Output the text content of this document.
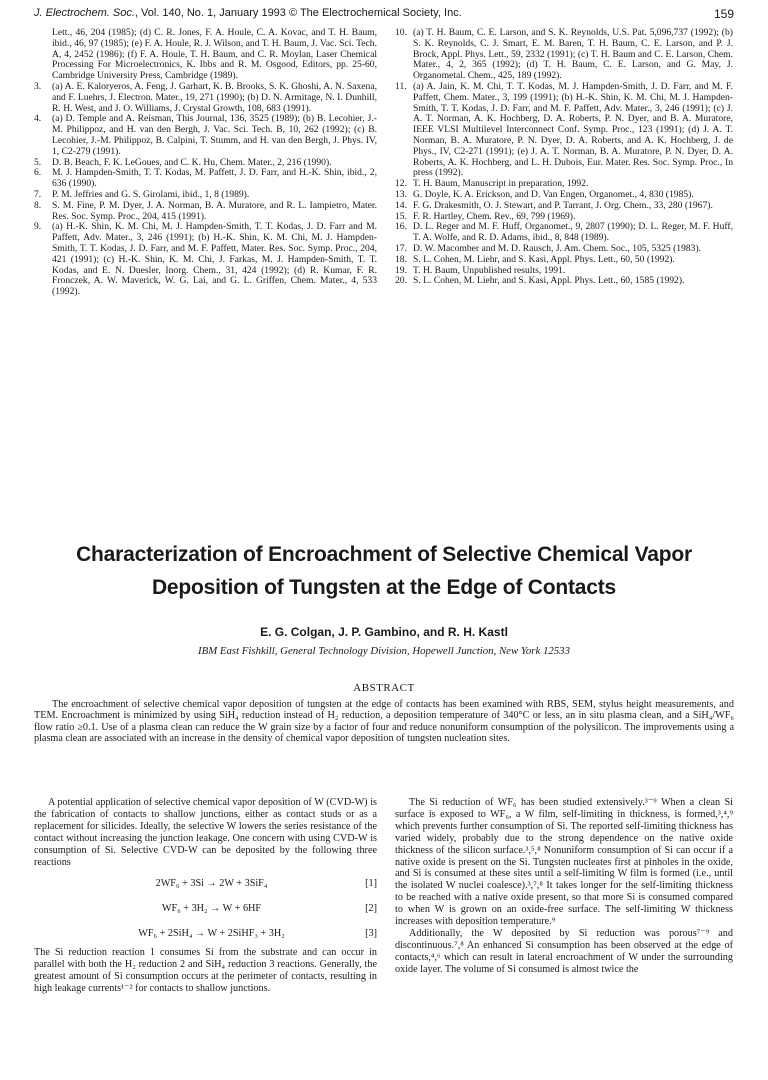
J. Electrochem. Soc., Vol. 140, No. 1, January 1993 © The Electrochemical Society, Inc.	159

Lett., 46, 204 (1985); (d) C. R. Jones, F. A. Houle, C. A. Kovac, and T. H. Baum, ibid., 46, 97 (1985); (e) F. A. Houle, R. J. Wilson, and T. H. Baum, J. Vac. Sci. Tech. A, 4, 2452 (1986); (f) F. A. Houle, T. H. Baum, and C. R. Moylan, Laser Chemical Processing For Microelectronics, K. Ibbs and R. M. Osgood, Editors, pp. 25-60, Cambridge University Press, Cambridge (1989).

3. (a) A. E. Kaloryeros, A. Feng, J. Garhart, K. B. Brooks, S. K. Ghoshi, A. N. Saxena, and F. Luehrs, J. Electron. Mater., 19, 271 (1990); (b) D. N. Armitage, N. I. Dunhill, R. H. West, and J. O. Williams, J. Crystal Growth, 108, 683 (1991).

4. (a) D. Temple and A. Reisman, This Journal, 136, 3525 (1989); (b) B. Lecohier, J.-M. Philippoz, and H. van den Bergh, J. Vac. Sci. Tech. B, 10, 262 (1992); (c) B. Lecohier, J.-M. Philippoz, B. Calpini, T. Stumm, and H. van den Bergh, J. Phys. IV, 1, C2-279 (1991).

5. D. B. Beach, F. K. LeGoues, and C. K. Hu, Chem. Mater., 2, 216 (1990).

6. M. J. Hampden-Smith, T. T. Kodas, M. Paffett, J. D. Farr, and H.-K. Shin, ibid., 2, 636 (1990).

7. P. M. Jeffries and G. S. Girolami, ibid., 1, 8 (1989).

8. S. M. Fine, P. M. Dyer, J. A. Norman, B. A. Muratore, and R. L. Iampietro, Mater. Res. Soc. Symp. Proc., 204, 415 (1991).

9. (a) H.-K. Shin, K. M. Chi, M. J. Hampden-Smith, T. T. Kodas, J. D. Farr and M. Paffett, Adv. Mater., 3, 246 (1991); (b) H.-K. Shin, K. M. Chi, M. J. Hampden-Smith, T. T. Kodas, J. D. Farr, and M. F. Paffett, Mater. Res. Soc. Symp. Proc., 204, 421 (1991); (c) H.-K. Shin, K. M. Chi, J. Farkas, M. J. Hampden-Smith, T. T. Kodas, and E. N. Duesler, Inorg. Chem., 31, 424 (1992); (d) R. Kumar, F. R. Fronczek, A. W. Maverick, W. G. Lai, and G. L. Griffen, Chem. Mater., 4, 533 (1992).

10. (a) T. H. Baum, C. E. Larson, and S. K. Reynolds, U.S. Pat. 5,096,737 (1992); (b) S. K. Reynolds, C. J. Smart, E. M. Baren, T. H. Baum, C. E. Larson, and P. J. Brock, Appl. Phys. Lett., 59, 2332 (1991); (c) T. H. Baum and C. E. Larson, Chem. Mater., 4, 2, 365 (1992); (d) T. H. Baum, C. E. Larson, and G. May, J. Organometal. Chem., 425, 189 (1992).

11. (a) A. Jain, K. M. Chi, T. T. Kodas, M. J. Hampden-Smith, J. D. Farr, and M. F. Paffett, Chem. Mater., 3, 199 (1991); (b) H.-K. Shin, K. M. Chi, M. J. Hampden-Smith, T. T. Kodas, J. D. Farr, and M. F. Paffett, Adv. Mater., 3, 246 (1991); (c) J. A. T. Norman, A. K. Hochberg, D. A. Roberts, P. N. Dyer, and B. A. Muratore, IEEE VLSI Multilevel Interconnect Conf. Symp. Proc., 123 (1991); (d) J. A. T. Norman, B. A. Muratore, P. N. Dyer, D. A. Roberts, and A. K. Hochberg, J. de Phys., IV, C2-271 (1991); (e) J. A. T. Norman, B. A. Muratore, P. N. Dyer, D. A. Roberts, A. K. Hochberg, and L. H. Dubois, Eur. Mater. Res. Soc. Symp. Proc., In press (1992).

12. T. H. Baum, Manuscript in preparation, 1992.

13. G. Doyle, K. A. Erickson, and D. Van Engen, Organomet., 4, 830 (1985).

14. F. G. Drakesmith, O. J. Stewart, and P. Tarrant, J. Org. Chem., 33, 280 (1967).

15. F. R. Hartley, Chem. Rev., 69, 799 (1969).

16. D. L. Reger and M. F. Huff, Organomet., 9, 2807 (1990); D. L. Reger, M. F. Huff, T. A. Wolfe, and R. D. Adams, ibid., 8, 848 (1989).

17. D. W. Macomber and M. D. Rausch, J. Am. Chem. Soc., 105, 5325 (1983).

18. S. L. Cohen, M. Liehr, and S. Kasi, Appl. Phys. Lett., 60, 50 (1992).

19. T. H. Baum, Unpublished results, 1991.

20. S. L. Cohen, M. Liehr, and S. Kasi, Appl. Phys. Lett., 60, 1585 (1992).

Characterization of Encroachment of Selective Chemical Vapor
Deposition of Tungsten at the Edge of Contacts
E. G. Colgan, J. P. Gambino, and R. H. Kastl
IBM East Fishkill, General Technology Division, Hopewell Junction, New York 12533
ABSTRACT
The encroachment of selective chemical vapor deposition of tungsten at the edge of contacts has been examined with RBS, SEM, stylus height measurements, and TEM. Encroachment is minimized by using SiH₄ reduction instead of H₂ reduction, a deposition temperature of 340°C or less, an in situ plasma clean, and a SiH₄/WF₆ flow ratio ≥0.1. Use of a plasma clean can reduce the W grain size by a factor of four and reduce nonuniform consumption of the polysilicon. The improvements using a plasma clean are associated with an increase in the density of chemical vapor deposition of tungsten nucleation sites.

A potential application of selective chemical vapor deposition of W (CVD-W) is the fabrication of contacts to shallow junctions, either as contact studs or as a replacement for silicides. Ideally, the selective W lowers the series resistance of the contact without increasing the junction leakage. One concern with using CVD-W is consumption of Si. Selective CVD-W can be deposited by the following three reactions

2WF₆ + 3Si → 2W + 3SiF₄	[1]
WF₆ + 3H₂ → W + 6HF	[2]
WF₆ + 2SiH₄ → W + 2SiHF₃ + 3H₂	[3]

The Si reduction reaction 1 consumes Si from the substrate and can occur in parallel with both the H₂ reduction 2 and SiH₄ reduction 3 reactions. Generally, the greatest amount of Si consumption occurs at the perimeter of contacts, resulting in high leakage currents¹⁻² for contacts to shallow junctions.

The Si reduction of WF₆ has been studied extensively.³⁻⁹ When a clean Si surface is exposed to WF₆, a W film, self-limiting in thickness, is formed,³,⁴,⁹ which prevents further consumption of Si. The reported self-limiting thickness has varied widely, probably due to the strong dependence on the native oxide thickness of the silicon surface.³,⁵,⁸ Nonuniform consumption of Si can occur if a native oxide is present on the Si. Tungsten nucleates first at pinholes in the oxide, and Si is consumed at these sites until a self-limiting W film is formed (i.e., until the isolated W nuclei coalesce).³,⁷,⁸ It takes longer for the self-limiting thickness to be reached with a native oxide present, so that more Si is consumed compared to when W is grown on an oxide-free surface. The self-limiting W thickness increases with deposition temperature.⁹

Additionally, the W deposited by Si reduction was porous⁷⁻⁹ and discontinuous.⁷,⁸ An enhanced Si consumption has been observed at the edge of contacts,⁴,⁶ which can result in lateral encroachment of W under the surrounding oxide layer. The volume of Si consumed is almost twice the
